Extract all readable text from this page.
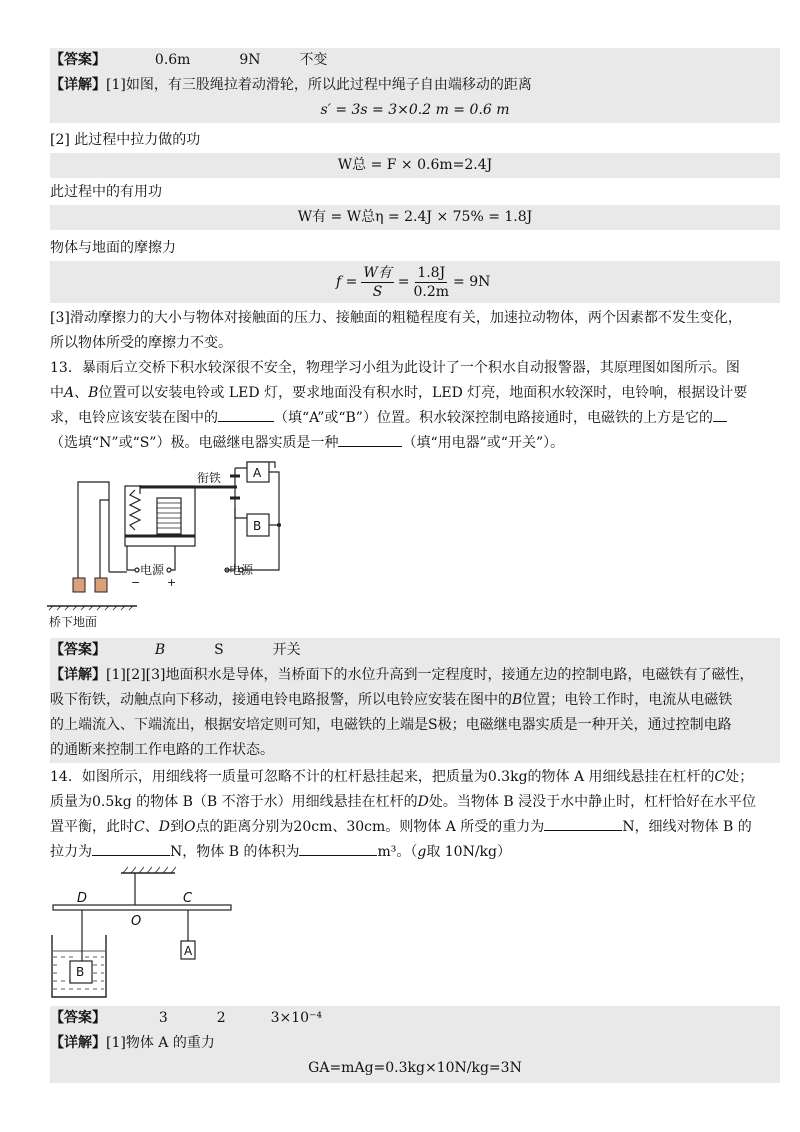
【答案】	0.6m	9N	不变
【详解】[1]如图，有三股绳拉着动滑轮，所以此过程中绳子自由端移动的距离
s′ = 3s = 3×0.2 m = 0.6 m
[2] 此过程中拉力做的功
W总 = F × 0.6m=2.4J
此过程中的有用功
W有 = W总η = 2.4J × 75% = 1.8J
物体与地面的摩擦力
f =
W有
S
= $\frac{1.8J}{0.2m} = 9N$
[3]滑动摩擦力的大小与物体对接触面的压力、接触面的粗糙程度有关，加速拉动物体，两个因素都不发生变化，
所以物体所受的摩擦力不变。
13．暴雨后立交桥下积水较深很不安全，物理学习小组为此设计了一个积水自动报警器，其原理图如图所示。图
中A、B位置可以安装电铃或 LED 灯，要求地面没有积水时，LED 灯亮，地面积水较深时，电铃响，根据设计要
求，电铃应该安装在图中的	（填“A”或“B”）位置。积水较深控制电路接通时，电磁铁的上方是它的
（选填“N”或“S”）极。电磁继电器实质是一种	（填“用电器”或“开关”）。
衔铁	A
B
电源
− +
电源
桥下地面
【答案】	B	S	开关
【详解】[1][2][3]地面积水是导体，当桥面下的水位升高到一定程度时，接通左边的控制电路，电磁铁有了磁性，
吸下衔铁，动触点向下移动，接通电铃电路报警，所以电铃应安装在图中的B位置；电铃工作时，电流从电磁铁
的上端流入、下端流出，根据安培定则可知，电磁铁的上端是S极；电磁继电器实质是一种开关，通过控制电路
的通断来控制工作电路的工作状态。
14．如图所示，用细线将一质量可忽略不计的杠杆悬挂起来，把质量为0.3kg的物体 A 用细线悬挂在杠杆的C处；
质量为0.5kg 的物体 B（B 不溶于水）用细线悬挂在杠杆的D处。当物体 B 浸没于水中静止时，杠杆恰好在水平位
置平衡，此时C、D到O点的距离分别为20cm、30cm。则物体 A 所受的重力为	N，细线对物体 B 的
拉力为	N，物体 B 的体积为	m³。（g取 10N/kg）
D
O
C
A
B
【答案】	3	2	3×10⁻⁴
【详解】[1]物体 A 的重力
GA=mAg=0.3kg×10N/kg=3N
